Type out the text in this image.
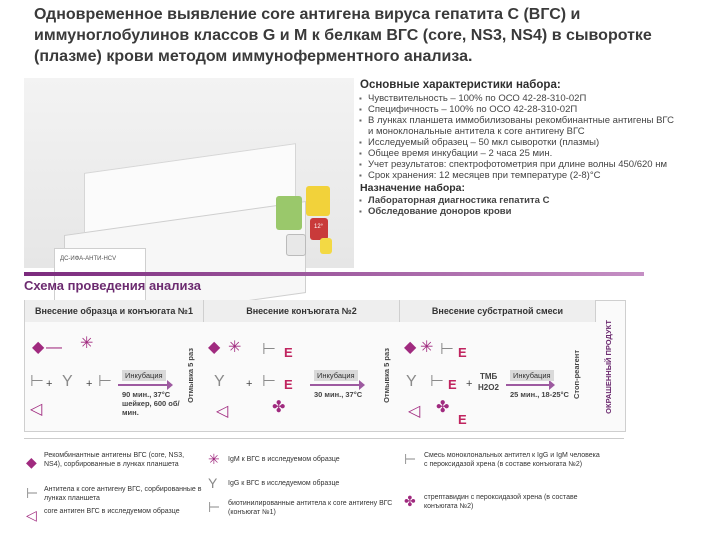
Одновременное выявление core антигена вируса гепатита С (ВГС) и иммуноглобулинов классов G и M к белкам ВГС (core, NS3, NS4) в сыворотке (плазме) крови методом иммуноферментного анализа.
ДС-ИФА-АНТИ-HCV
12°
Основные характеристики набора:
▪ Чувствительность – 100% по ОСО 42-28-310-02П
▪ Специфичность – 100% по ОСО 42-28-310-02П
▪ В лунках планшета иммобилизованы рекомбинантные антигены ВГС и моноклональные антитела к core антигену ВГС
▪ Исследуемый образец – 50 мкл сыворотки (плазмы)
▪ Общее время инкубации – 2 часа 25 мин.
▪ Учет результатов: спектрофотометрия при длине волны 450/620 нм
▪ Срок хранения: 12 месяцев при температуре (2-8)°С
Назначение набора:
▪ Лабораторная диагностика гепатита С
▪ Обследование доноров крови
Схема проведения анализа
Внесение образца и конъюгата №1	Внесение конъюгата №2	Внесение субстратной смеси
◆ —
⊢
◁
✳
+	+
Y ⊢	Инкубация
90 мин., 37°С шейкер, 600 об/мин.
Отмывка 5 раз
◆ ✳ ⊢ E
Y + ⊢ E
◁	✤
Инкубация
30 мин., 37°С	Отмывка 5 раз
◆ ✳ ⊢ E
Y ⊢ E +
ТМБ
H2O2
◁ ✤
E
Инкубация
25 мин., 18-25°С Стоп-реагент	ОКРАШЕННЫЙ ПРОДУКТ
◆ Рекомбинантные антигены ВГС (core, NS3, NS4), сорбированные в лунках планшета
⊢ Антитела к core антигену ВГС, сорбированные в лунках планшета
◁ core антиген ВГС в исследуемом образце
✳ IgM к ВГС в исследуемом образце
Y IgG к ВГС в исследуемом образце
⊢ биотинилированные антитела к core антигену ВГС (конъюгат №1)
⊢ Смесь моноклональных антител к IgG и IgM человека с пероксидазой хрена (в составе конъюгата №2)
✤ стрептавидин с пероксидазой хрена (в составе конъюгата №2)
